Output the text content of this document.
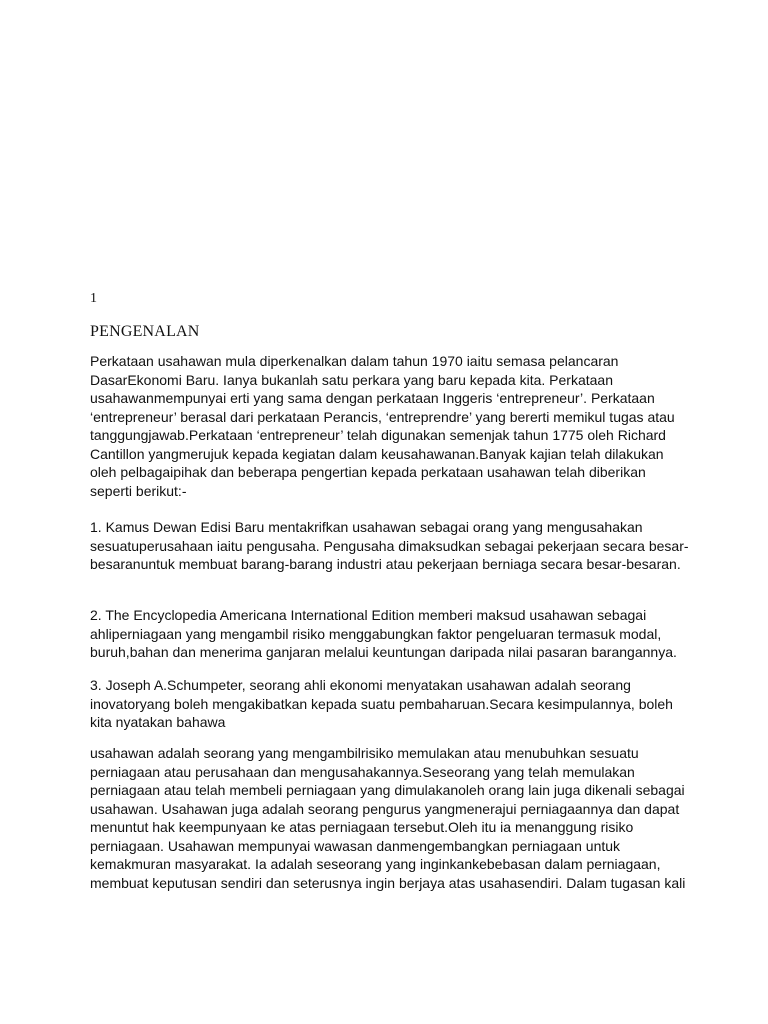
1
PENGENALAN

Perkataan usahawan mula diperkenalkan dalam tahun 1970 iaitu semasa pelancaran DasarEkonomi Baru. Ianya bukanlah satu perkara yang baru kepada kita. Perkataan usahawanmempunyai erti yang sama dengan perkataan Inggeris ‘entrepreneur’. Perkataan ‘entrepreneur’ berasal dari perkataan Perancis, ‘entreprendre’ yang bererti memikul tugas atau tanggungjawab.Perkataan ‘entrepreneur’ telah digunakan semenjak tahun 1775 oleh Richard Cantillon yangmerujuk kepada kegiatan dalam keusahawanan.Banyak kajian telah dilakukan oleh pelbagaipihak dan beberapa pengertian kepada perkataan usahawan telah diberikan seperti berikut:-

1. Kamus Dewan Edisi Baru mentakrifkan usahawan sebagai orang yang mengusahakan sesuatuperusahaan iaitu pengusaha. Pengusaha dimaksudkan sebagai pekerjaan secara besar-besaranuntuk membuat barang-barang industri atau pekerjaan berniaga secara besar-besaran.

2. The Encyclopedia Americana International Edition memberi maksud usahawan sebagai ahliperniagaan yang mengambil risiko menggabungkan faktor pengeluaran termasuk modal, buruh,bahan dan menerima ganjaran melalui keuntungan daripada nilai pasaran barangannya.

3. Joseph A.Schumpeter, seorang ahli ekonomi menyatakan usahawan adalah seorang inovatoryang boleh mengakibatkan kepada suatu pembaharuan.Secara kesimpulannya, boleh kita nyatakan bahawa

usahawan adalah seorang yang mengambilrisiko memulakan atau menubuhkan sesuatu perniagaan atau perusahaan dan mengusahakannya.Seseorang yang telah memulakan perniagaan atau telah membeli perniagaan yang dimulakanoleh orang lain juga dikenali sebagai usahawan. Usahawan juga adalah seorang pengurus yangmenerajui perniagaannya dan dapat menuntut hak keempunyaan ke atas perniagaan tersebut.Oleh itu ia menanggung risiko perniagaan. Usahawan mempunyai wawasan danmengembangkan perniagaan untuk kemakmuran masyarakat. Ia adalah seseorang yang inginkankebebasan dalam perniagaan, membuat keputusan sendiri dan seterusnya ingin berjaya atas usahasendiri. Dalam tugasan kali
